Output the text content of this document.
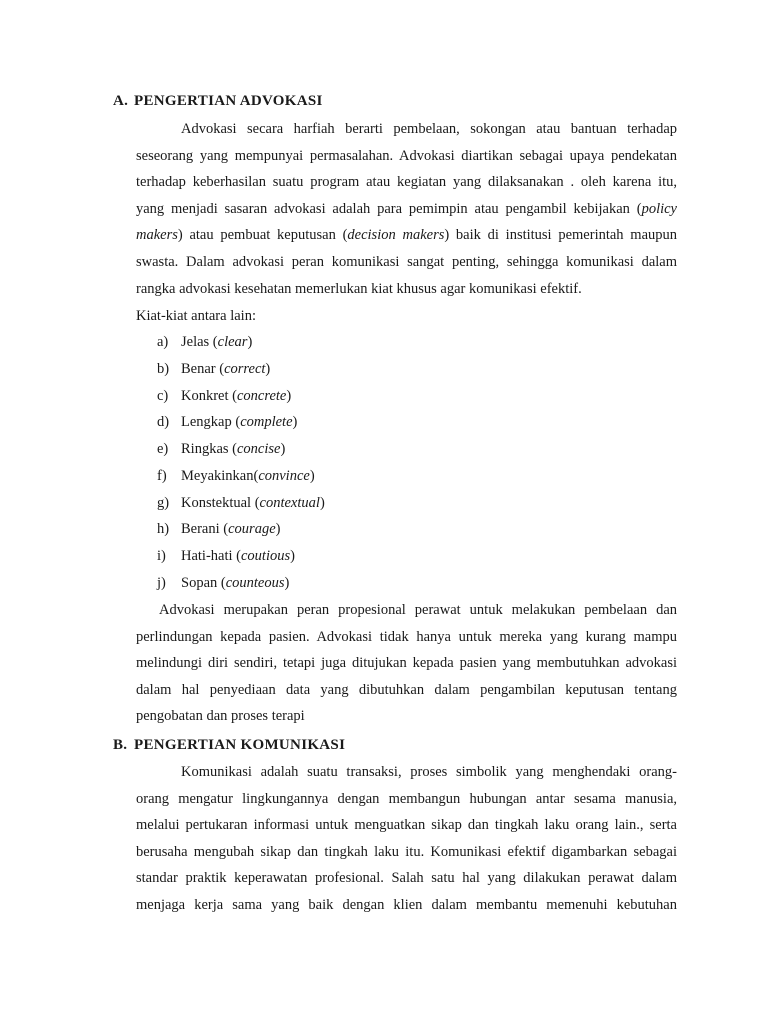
A. PENGERTIAN ADVOKASI
Advokasi secara harfiah berarti pembelaan, sokongan atau bantuan terhadap
seseorang yang mempunyai permasalahan. Advokasi diartikan sebagai upaya pendekatan
terhadap keberhasilan suatu program atau kegiatan yang dilaksanakan . oleh karena itu,
yang menjadi sasaran advokasi adalah para pemimpin atau pengambil kebijakan (policy
makers) atau pembuat keputusan (decision makers) baik di institusi pemerintah maupun
swasta. Dalam advokasi peran komunikasi sangat penting, sehingga komunikasi dalam
rangka advokasi kesehatan memerlukan kiat khusus agar komunikasi efektif.
Kiat-kiat antara lain:
a) Jelas (clear)
b) Benar (correct)
c) Konkret (concrete)
d) Lengkap (complete)
e) Ringkas (concise)
f) Meyakinkan(convince)
g) Konstektual (contextual)
h) Berani (courage)
i) Hati-hati (coutious)
j) Sopan (counteous)
Advokasi merupakan peran propesional perawat untuk melakukan pembelaan dan
perlindungan kepada pasien. Advokasi tidak hanya untuk mereka yang kurang mampu
melindungi diri sendiri, tetapi juga ditujukan kepada pasien yang membutuhkan advokasi
dalam hal penyediaan data yang dibutuhkan dalam pengambilan keputusan tentang
pengobatan dan proses terapi
B. PENGERTIAN KOMUNIKASI
Komunikasi adalah suatu transaksi, proses simbolik yang menghendaki orang-
orang mengatur lingkungannya dengan membangun hubungan antar sesama manusia,
melalui pertukaran informasi untuk menguatkan sikap dan tingkah laku orang lain., serta
berusaha mengubah sikap dan tingkah laku itu. Komunikasi efektif digambarkan sebagai
standar praktik keperawatan profesional. Salah satu hal yang dilakukan perawat dalam
menjaga kerja sama yang baik dengan klien dalam membantu memenuhi kebutuhan
